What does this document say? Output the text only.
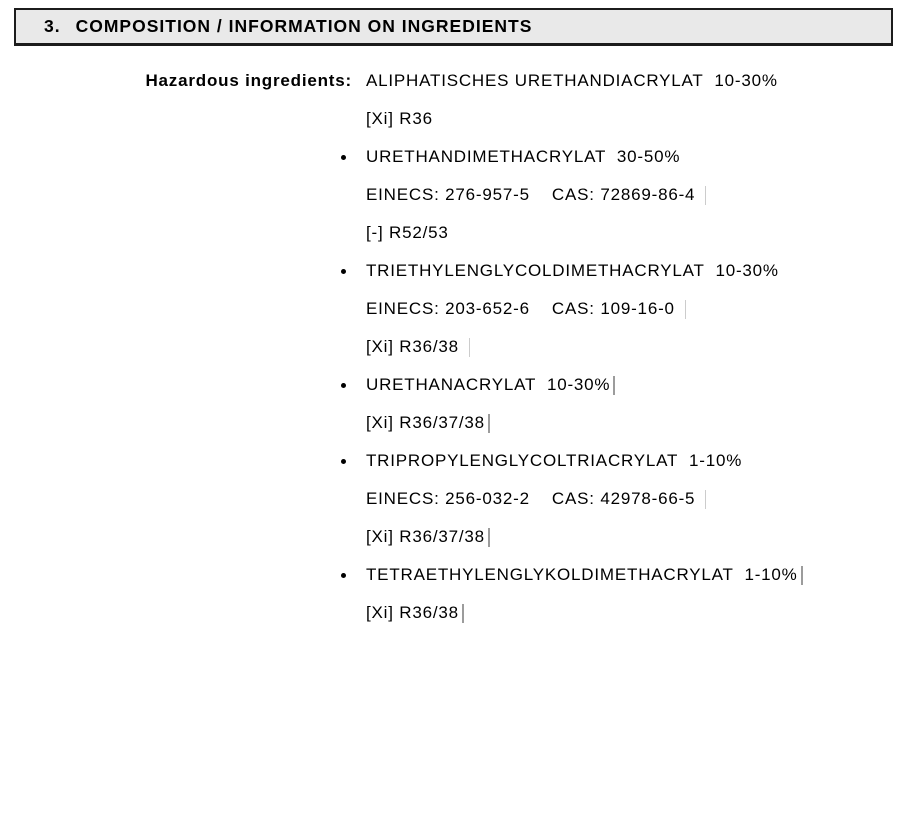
3. COMPOSITION / INFORMATION ON INGREDIENTS
Hazardous ingredients: ALIPHATISCHES URETHANDIACRYLAT  10-30%
[Xi] R36
URETHANDIMETHACRYLAT  30-50%
EINECS: 276-957-5    CAS: 72869-86-4
[-] R52/53
TRIETHYLENGLYCOLDIMETHACRYLAT  10-30%
EINECS: 203-652-6    CAS: 109-16-0
[Xi] R36/38
URETHANACRYLAT  10-30%
[Xi] R36/37/38
TRIPROPYLENGLYCOLTRIACRYLAT  1-10%
EINECS: 256-032-2    CAS: 42978-66-5
[Xi] R36/37/38
TETRAETHYLENGLYKOLDIMETHACRYLAT  1-10%
[Xi] R36/38
